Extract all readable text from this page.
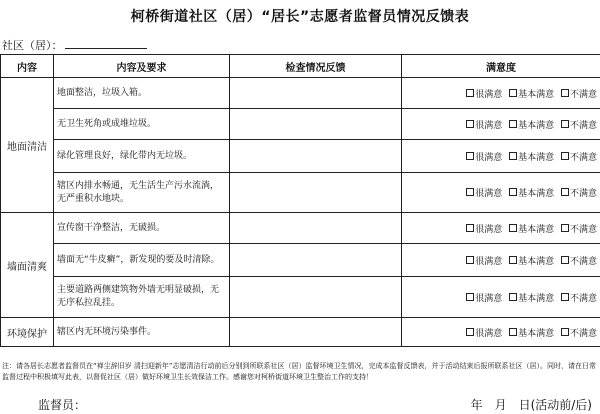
柯桥街道社区（居）“居长”志愿者监督员情况反馈表
社区（居）：
内容	内容及要求	检查情况反馈	满意度
地面清洁	地面整洁，垃圾入箱。		很满意 基本满意 不满意
	无卫生死角或成堆垃圾。		很满意 基本满意 不满意
	绿化管理良好，绿化带内无垃圾。		很满意 基本满意 不满意
	辖区内排水畅通，无生活生产污水流淌，无严重积水地块。		很满意 基本满意 不满意
墙面清爽	宣传窗干净整洁，无破损。		很满意 基本满意 不满意
	墙面无“牛皮癣”，新发现的要及时清除。		很满意 基本满意 不满意
	主要道路两侧建筑物外墙无明显破损，无无序私拉乱挂。		很满意 基本满意 不满意
环境保护	辖区内无环境污染事件。		很满意 基本满意 不满意
注：请各居长志愿者监督员在“禅尘辞旧岁 清扫迎新年”志愿清洁行动前后分别到所联系社区（居）监督环境卫生情况，完成本监督反馈表，并于活动结束后报所联系社区（居）。同时，请在日常监督过程中积极填写此表，以督促社区（居）做好环境卫生长效保洁工作。感谢您对柯桥街道环境卫生整治工作的支持！
监督员：	年　月　日(活动前/后)
